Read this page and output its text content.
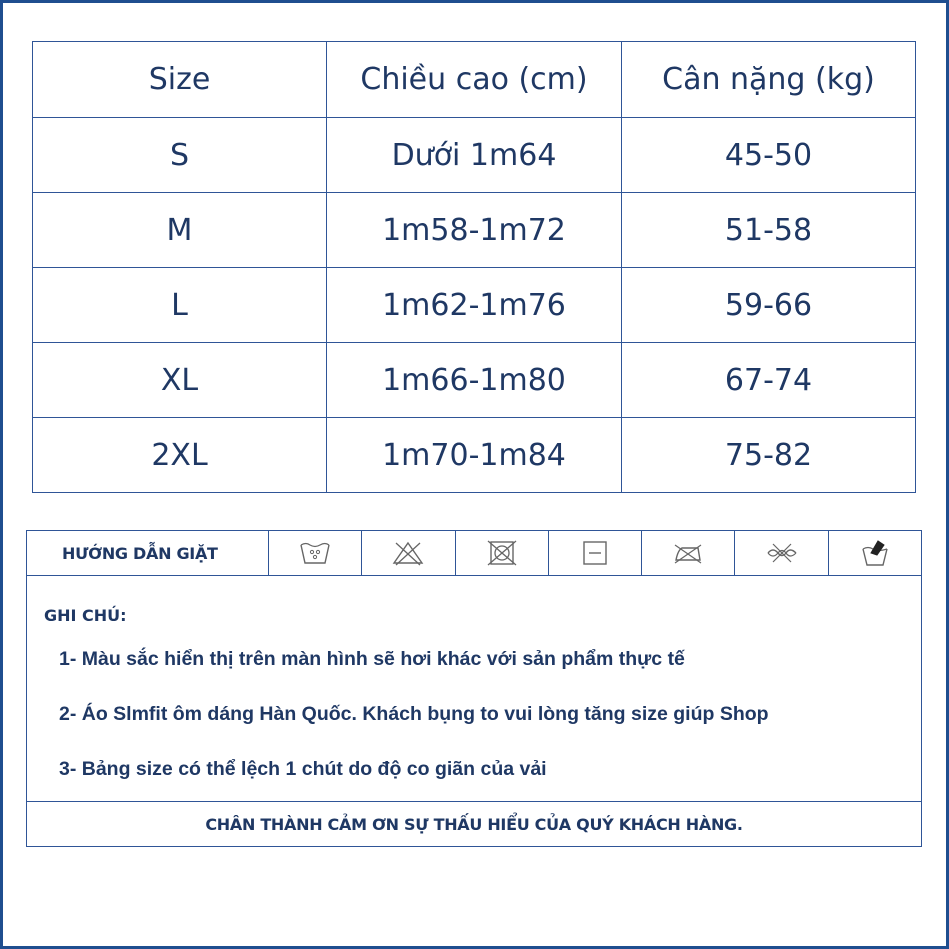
Size	Chiều cao (cm)	Cân nặng (kg)
S	Dưới 1m64	45-50
M	1m58-1m72	51-58
L	1m62-1m76	59-66
XL	1m66-1m80	67-74
2XL	1m70-1m84	75-82
HƯỚNG DẪN GIẶT

GHI CHÚ:

1- Màu sắc hiển thị trên màn hình sẽ hơi khác với sản phẩm thực tế
2- Áo Slmfit ôm dáng Hàn Quốc. Khách bụng to vui lòng tăng size giúp Shop
3- Bảng size có thể lệch 1 chút do độ co giãn của vải
CHÂN THÀNH CẢM ƠN SỰ THẤU HIỂU CỦA QUÝ KHÁCH HÀNG.
